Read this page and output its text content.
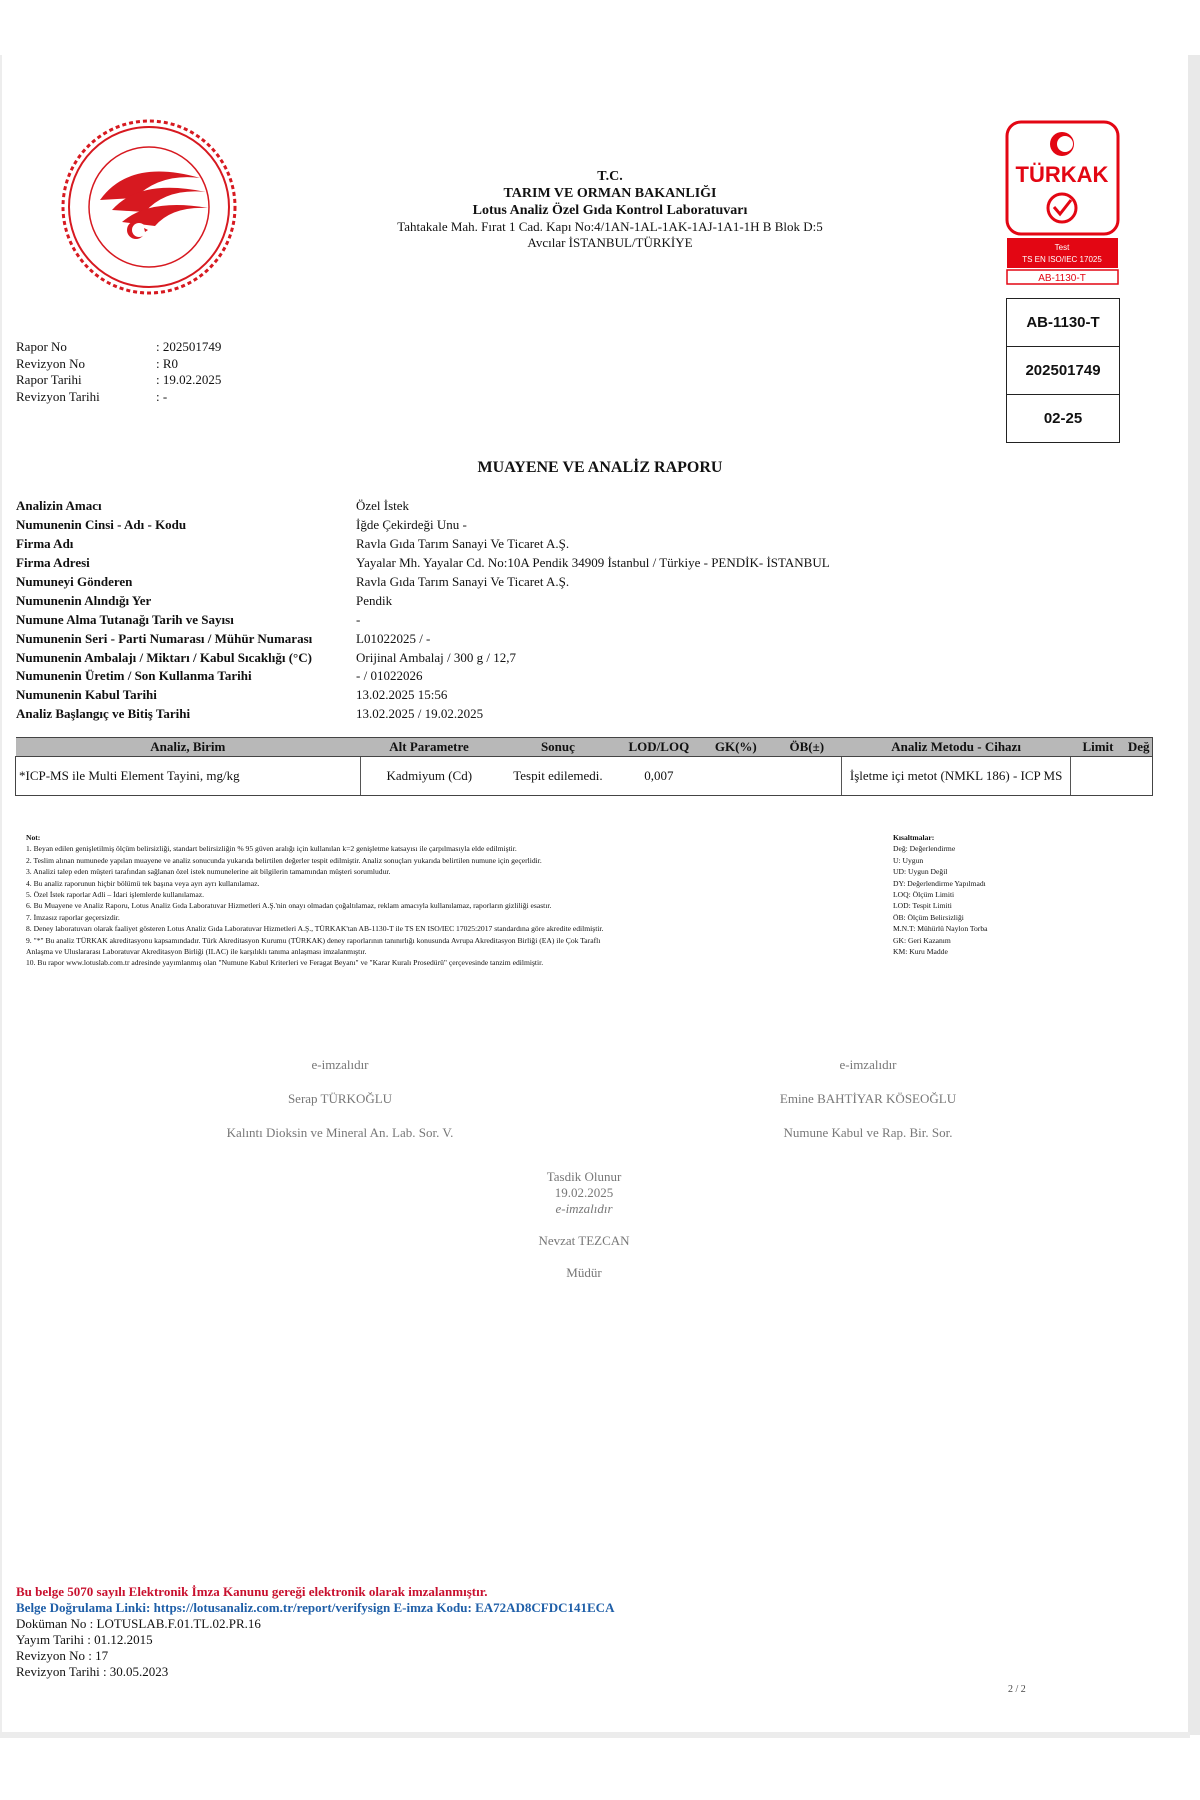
T.C.
TARIM VE ORMAN BAKANLIĞI
Lotus Analiz Özel Gıda Kontrol Laboratuvarı
Tahtakale Mah. Fırat 1 Cad. Kapı No:4/1AN-1AL-1AK-1AJ-1A1-1H B Blok D:5
Avcılar İSTANBUL/TÜRKİYE
TÜRKAK
Test
TS EN ISO/IEC 17025
AB-1130-T
AB-1130-T
202501749
02-25
Rapor No	: 202501749
Revizyon No	: R0
Rapor Tarihi	: 19.02.2025
Revizyon Tarihi	: -
MUAYENE VE ANALİZ RAPORU
Analizin Amacı	Özel İstek
Numunenin Cinsi - Adı - Kodu	İğde Çekirdeği Unu -
Firma Adı	Ravla Gıda Tarım Sanayi Ve Ticaret A.Ş.
Firma Adresi	Yayalar Mh. Yayalar Cd. No:10A Pendik 34909 İstanbul / Türkiye - PENDİK- İSTANBUL
Numuneyi Gönderen	Ravla Gıda Tarım Sanayi Ve Ticaret A.Ş.
Numunenin Alındığı Yer	Pendik
Numune Alma Tutanağı Tarih ve Sayısı	-
Numunenin Seri - Parti Numarası / Mühür Numarası	L01022025 / -
Numunenin Ambalajı / Miktarı / Kabul Sıcaklığı (°C)	Orijinal Ambalaj / 300 g / 12,7
Numunenin Üretim / Son Kullanma Tarihi	- / 01022026
Numunenin Kabul Tarihi	13.02.2025 15:56
Analiz Başlangıç ve Bitiş Tarihi	13.02.2025 / 19.02.2025
Analiz, Birim	Alt Parametre	Sonuç	LOD/LOQ	GK(%)	ÖB(±)	Analiz Metodu - Cihazı	Limit	Değ
*ICP-MS ile Multi Element Tayini, mg/kg	Kadmiyum (Cd)	Tespit edilemedi.	0,007			İşletme içi metot (NMKL 186) - ICP MS		
Not:
1. Beyan edilen genişletilmiş ölçüm belirsizliği, standart belirsizliğin % 95 güven aralığı için kullanılan k=2 genişletme katsayısı ile çarpılmasıyla elde edilmiştir.
2. Teslim alınan numunede yapılan muayene ve analiz sonucunda yukarıda belirtilen değerler tespit edilmiştir. Analiz sonuçları yukarıda belirtilen numune için geçerlidir.
3. Analizi talep eden müşteri tarafından sağlanan özel istek numunelerine ait bilgilerin tamamından müşteri sorumludur.
4. Bu analiz raporunun hiçbir bölümü tek başına veya ayrı ayrı kullanılamaz.
5. Özel İstek raporlar Adli – İdari işlemlerde kullanılamaz.
6. Bu Muayene ve Analiz Raporu, Lotus Analiz Gıda Laboratuvar Hizmetleri A.Ş.'nin onayı olmadan çoğaltılamaz, reklam amacıyla kullanılamaz, raporların gizliliği esastır.
7. İmzasız raporlar geçersizdir.
8. Deney laboratuvarı olarak faaliyet gösteren Lotus Analiz Gıda Laboratuvar Hizmetleri A.Ş., TÜRKAK'tan AB-1130-T ile TS EN ISO/IEC 17025:2017 standardına göre akredite edilmiştir.
9. "*" Bu analiz TÜRKAK akreditasyonu kapsamındadır. Türk Akreditasyon Kurumu (TÜRKAK) deney raporlarının tanınırlığı konusunda Avrupa Akreditasyon Birliği (EA) ile Çok Taraflı
Anlaşma ve Uluslararası Laboratuvar Akreditasyon Birliği (ILAC) ile karşılıklı tanıma anlaşması imzalanmıştır.
10. Bu rapor www.lotuslab.com.tr adresinde yayımlanmış olan "Numune Kabul Kriterleri ve Feragat Beyanı" ve "Karar Kuralı Prosedürü" çerçevesinde tanzim edilmiştir.
Kısaltmalar:
Değ: Değerlendirme
U: Uygun
UD: Uygun Değil
DY: Değerlendirme Yapılmadı
LOQ: Ölçüm Limiti
LOD: Tespit Limiti
ÖB: Ölçüm Belirsizliği
M.N.T: Mühürlü Naylon Torba
GK: Geri Kazanım
KM: Kuru Madde
e-imzalıdır
Serap TÜRKOĞLU
Kalıntı Dioksin ve Mineral An. Lab. Sor. V.
e-imzalıdır
Emine BAHTİYAR KÖSEOĞLU
Numune Kabul ve Rap. Bir. Sor.
Tasdik Olunur
19.02.2025
e-imzalıdır
Nevzat TEZCAN
Müdür
Bu belge 5070 sayılı Elektronik İmza Kanunu gereği elektronik olarak imzalanmıştır.
Belge Doğrulama Linki: https://lotusanaliz.com.tr/report/verifysign E-imza Kodu: EA72AD8CFDC141ECA
Doküman No : LOTUSLAB.F.01.TL.02.PR.16
Yayım Tarihi : 01.12.2015
Revizyon No : 17
Revizyon Tarihi : 30.05.2023
2 / 2
